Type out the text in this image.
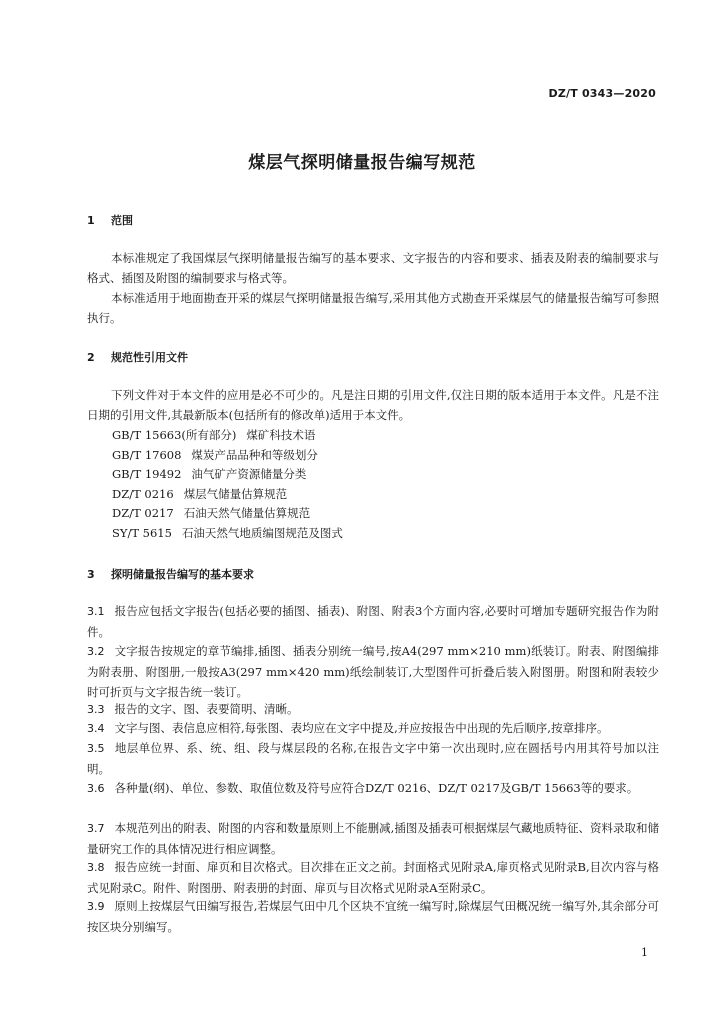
DZ/T 0343—2020
煤层气探明储量报告编写规范
1 范围
本标准规定了我国煤层气探明储量报告编写的基本要求、文字报告的内容和要求、插表及附表的编制要求与格式、插图及附图的编制要求与格式等。
本标准适用于地面勘查开采的煤层气探明储量报告编写,采用其他方式勘查开采煤层气的储量报告编写可参照执行。
2 规范性引用文件
下列文件对于本文件的应用是必不可少的。凡是注日期的引用文件,仅注日期的版本适用于本文件。凡是不注日期的引用文件,其最新版本(包括所有的修改单)适用于本文件。
GB/T 15663(所有部分) 煤矿科技术语
GB/T 17608 煤炭产品品种和等级划分
GB/T 19492 油气矿产资源储量分类
DZ/T 0216 煤层气储量估算规范
DZ/T 0217 石油天然气储量估算规范
SY/T 5615 石油天然气地质编图规范及图式
3 探明储量报告编写的基本要求
3.1 报告应包括文字报告(包括必要的插图、插表)、附图、附表3个方面内容,必要时可增加专题研究报告作为附件。
3.2 文字报告按规定的章节编排,插图、插表分别统一编号,按A4(297 mm×210 mm)纸装订。附表、附图编排为附表册、附图册,一般按A3(297 mm×420 mm)纸绘制装订,大型图件可折叠后装入附图册。附图和附表较少时可折页与文字报告统一装订。
3.3 报告的文字、图、表要简明、清晰。
3.4 文字与图、表信息应相符,每张图、表均应在文字中提及,并应按报告中出现的先后顺序,按章排序。
3.5 地层单位界、系、统、组、段与煤层段的名称,在报告文字中第一次出现时,应在圆括号内用其符号加以注明。
3.6 各种量(纲)、单位、参数、取值位数及符号应符合DZ/T 0216、DZ/T 0217及GB/T 15663等的要求。
3.7 本规范列出的附表、附图的内容和数量原则上不能删减,插图及插表可根据煤层气藏地质特征、资料录取和储量研究工作的具体情况进行相应调整。
3.8 报告应统一封面、扉页和目次格式。目次排在正文之前。封面格式见附录A,扉页格式见附录B,目次内容与格式见附录C。附件、附图册、附表册的封面、扉页与目次格式见附录A至附录C。
3.9 原则上按煤层气田编写报告,若煤层气田中几个区块不宜统一编写时,除煤层气田概况统一编写外,其余部分可按区块分别编写。
1
